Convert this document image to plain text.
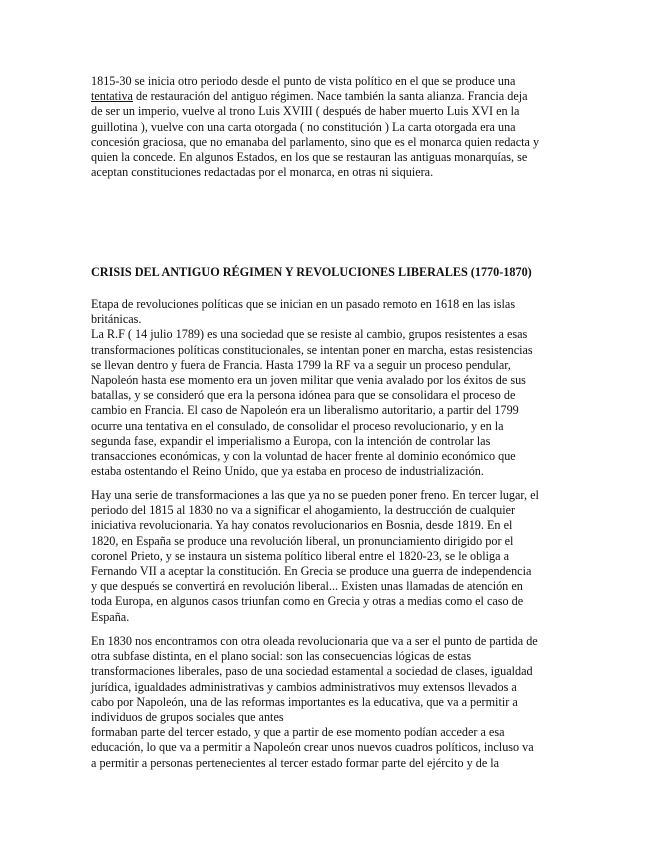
1815-30 se inicia otro periodo desde el punto de vista político en el que se produce una
tentativa de restauración del antiguo régimen. Nace también la santa alianza. Francia deja
de ser un imperio, vuelve al trono Luis XVIII ( después de haber muerto Luis XVI en la
guillotina ), vuelve con una carta otorgada ( no constitución ) La carta otorgada era una
concesión graciosa, que no emanaba del parlamento, sino que es el monarca quien redacta y
quien la concede. En algunos Estados, en los que se restauran las antiguas monarquías, se
aceptan constituciones redactadas por el monarca, en otras ni siquiera.

CRISIS DEL ANTIGUO RÉGIMEN Y REVOLUCIONES LIBERALES (1770-1870)

Etapa de revoluciones políticas que se inician en un pasado remoto en 1618 en las islas
británicas.
La R.F ( 14 julio 1789) es una sociedad que se resiste al cambio, grupos resistentes a esas
transformaciones políticas constitucionales, se intentan poner en marcha, estas resistencias
se llevan dentro y fuera de Francia. Hasta 1799 la RF va a seguir un proceso pendular,
Napoleón hasta ese momento era un joven militar que venia avalado por los éxitos de sus
batallas, y se consideró que era la persona idónea para que se consolidara el proceso de
cambio en Francia. El caso de Napoleón era un liberalismo autoritario, a partir del 1799
ocurre una tentativa en el consulado, de consolidar el proceso revolucionario, y en la
segunda fase, expandir el imperialismo a Europa, con la intención de controlar las
transacciones económicas, y con la voluntad de hacer frente al dominio económico que
estaba ostentando el Reino Unido, que ya estaba en proceso de industrialización.

Hay una serie de transformaciones a las que ya no se pueden poner freno. En tercer lugar, el
periodo del 1815 al 1830 no va a significar el ahogamiento, la destrucción de cualquier
iniciativa revolucionaria. Ya hay conatos revolucionarios en Bosnia, desde 1819. En el
1820, en España se produce una revolución liberal, un pronunciamiento dirigido por el
coronel Prieto, y se instaura un sistema político liberal entre el 1820-23, se le obliga a
Fernando VII a aceptar la constitución. En Grecia se produce una guerra de independencia
y que después se convertirá en revolución liberal... Existen unas llamadas de atención en
toda Europa, en algunos casos triunfan como en Grecia y otras a medias como el caso de
España.

En 1830 nos encontramos con otra oleada revolucionaria que va a ser el punto de partida de
otra subfase distinta, en el plano social: son las consecuencias lógicas de estas
transformaciones liberales, paso de una sociedad estamental a sociedad de clases, igualdad
jurídica, igualdades administrativas y cambios administrativos muy extensos llevados a
cabo por Napoleón, una de las reformas importantes es la educativa, que va a permitir a
individuos de grupos sociales que antes
formaban parte del tercer estado, y que a partir de ese momento podían acceder a esa
educación, lo que va a permitir a Napoleón crear unos nuevos cuadros políticos, incluso va
a permitir a personas pertenecientes al tercer estado formar parte del ejército y de la
